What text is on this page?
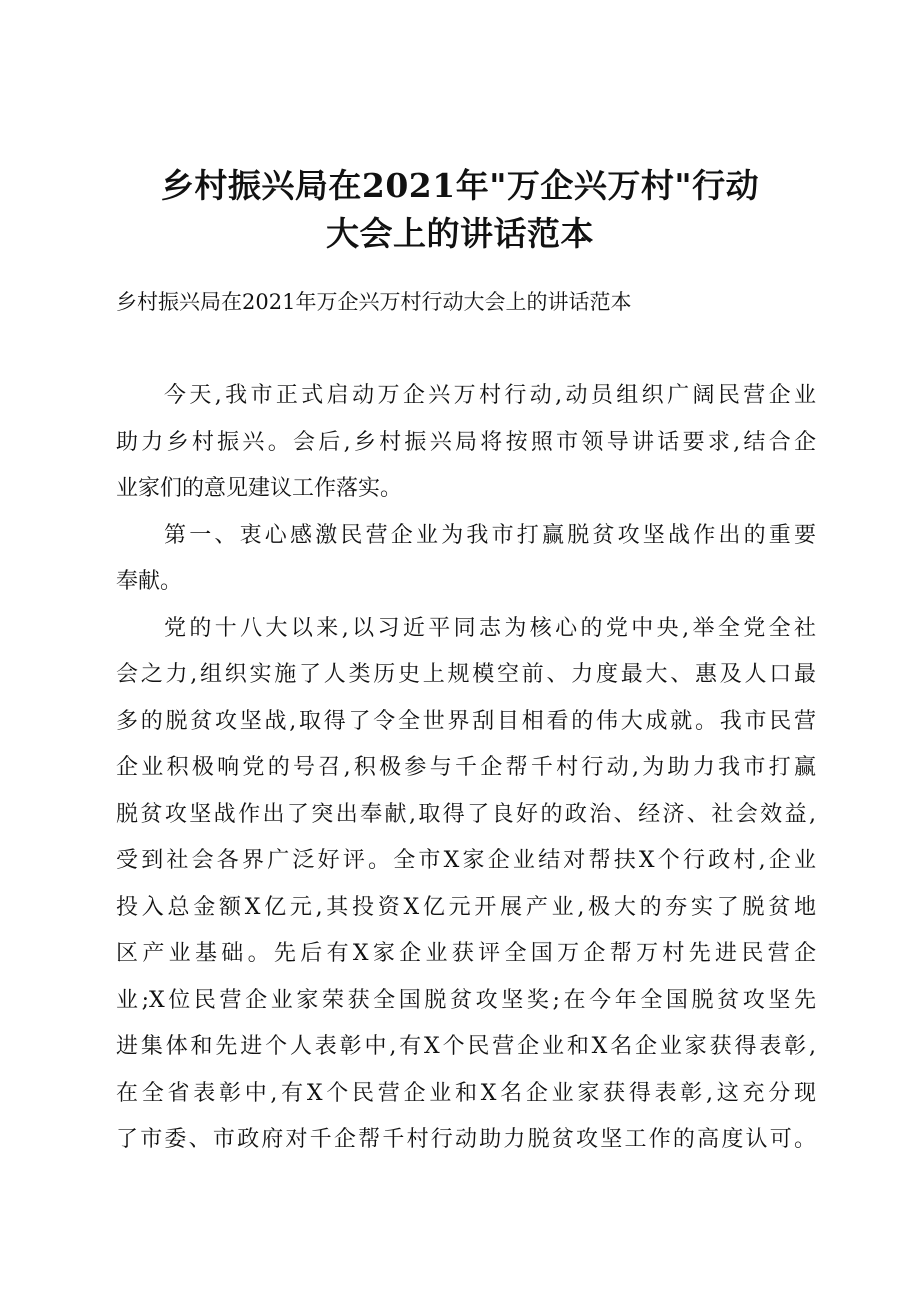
乡村振兴局在2021年"万企兴万村"行动
大会上的讲话范本
乡村振兴局在2021年万企兴万村行动大会上的讲话范本
今天,我市正式启动万企兴万村行动,动员组织广阔民营企业
助力乡村振兴。会后,乡村振兴局将按照市领导讲话要求,结合企
业家们的意见建议工作落实。
第一、衷心感激民营企业为我市打赢脱贫攻坚战作出的重要
奉献。
党的十八大以来,以习近平同志为核心的党中央,举全党全社
会之力,组织实施了人类历史上规模空前、力度最大、惠及人口最
多的脱贫攻坚战,取得了令全世界刮目相看的伟大成就。我市民营
企业积极响党的号召,积极参与千企帮千村行动,为助力我市打赢
脱贫攻坚战作出了突出奉献,取得了良好的政治、经济、社会效益,
受到社会各界广泛好评。全市X家企业结对帮扶X个行政村,企业
投入总金额X亿元,其投资X亿元开展产业,极大的夯实了脱贫地
区产业基础。先后有X家企业获评全国万企帮万村先进民营企
业;X位民营企业家荣获全国脱贫攻坚奖;在今年全国脱贫攻坚先
进集体和先进个人表彰中,有X个民营企业和X名企业家获得表彰,
在全省表彰中,有X个民营企业和X名企业家获得表彰,这充分现
了市委、市政府对千企帮千村行动助力脱贫攻坚工作的高度认可。
